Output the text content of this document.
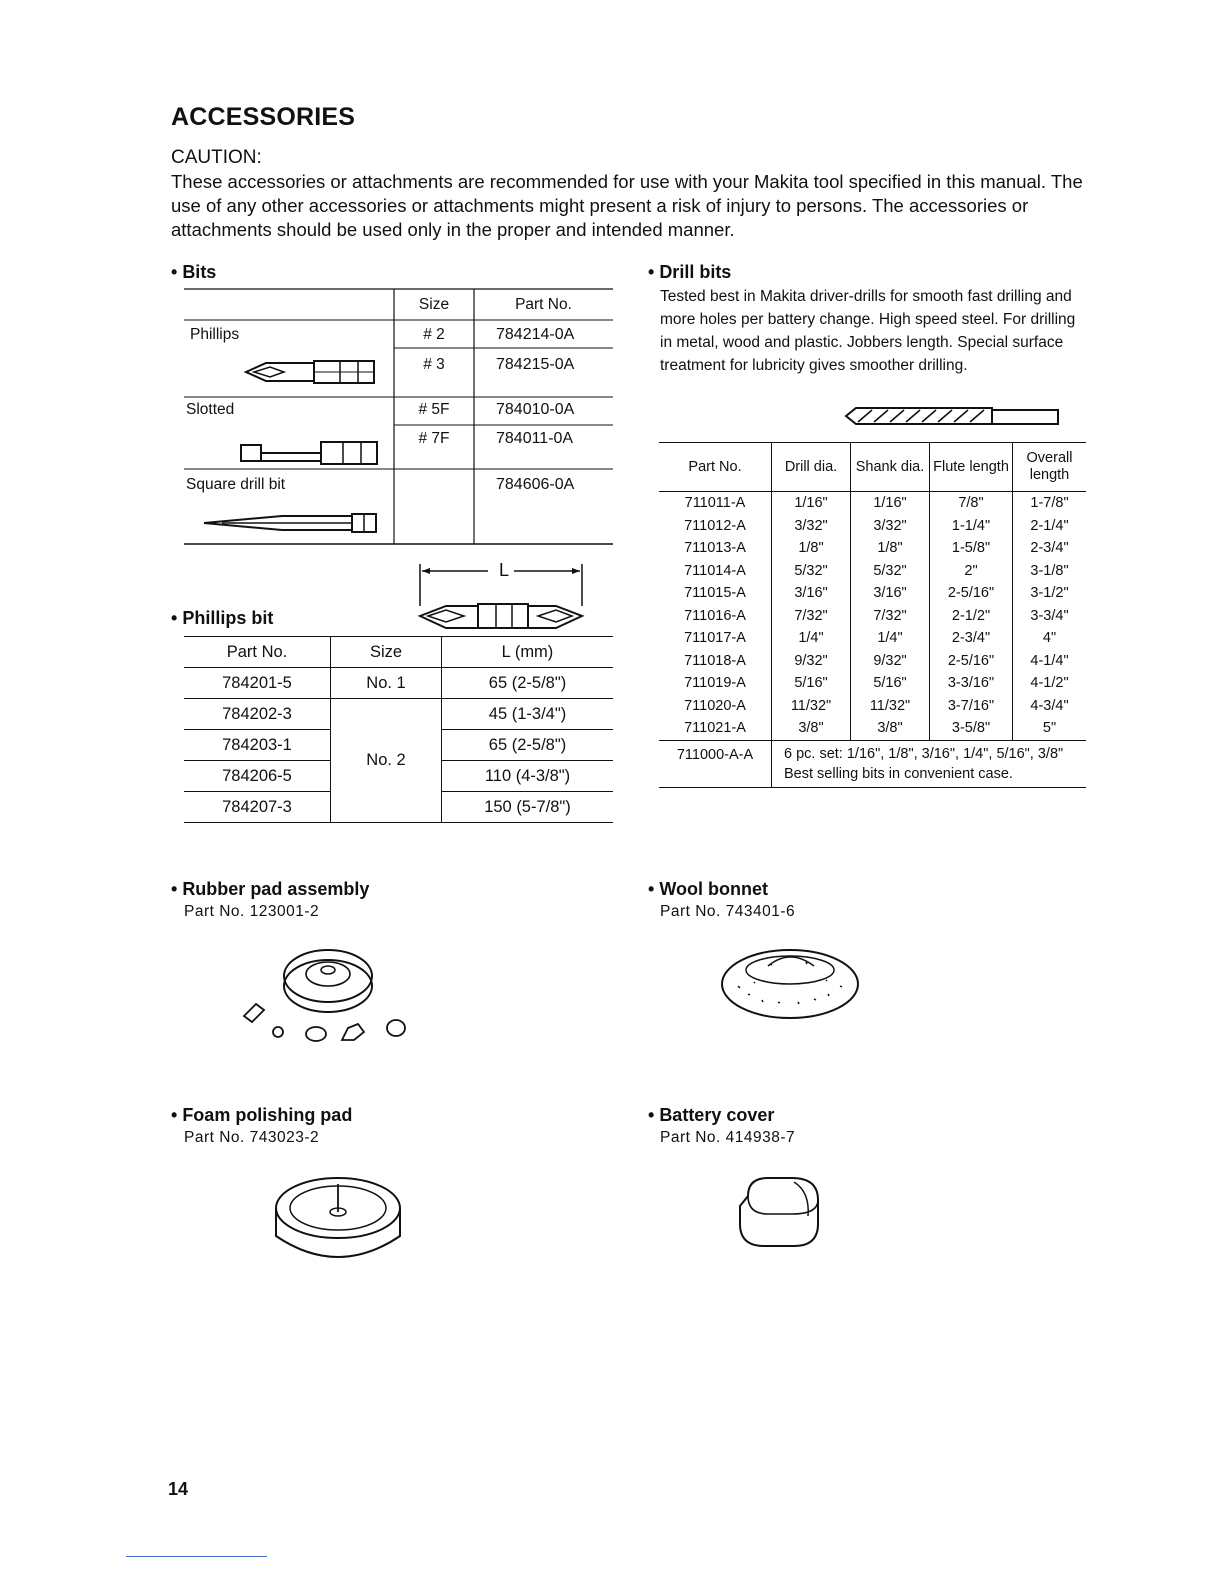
ACCESSORIES
CAUTION:
These accessories or attachments are recommended for use with your Makita tool specified in this manual. The use of any other accessories or attachments might present a risk of injury to persons. The accessories or attachments should be used only in the proper and intended manner.
• Bits
Size	Part No.
Phillips	# 2	784214-0A
# 3	784215-0A
Slotted	# 5F	784010-0A
# 7F	784011-0A
Square drill bit	784606-0A
• Phillips bit
L
Part No.	Size	L (mm)
784201-5	No. 1	65 (2-5/8")
784202-3	No. 2	45 (1-3/4")
784203-1		65 (2-5/8")
784206-5		110 (4-3/8")
784207-3		150 (5-7/8")
• Drill bits
Tested best in Makita driver-drills for smooth fast drilling and more holes per battery change. High speed steel. For drilling in metal, wood and plastic. Jobbers length. Special surface treatment for lubricity gives smoother drilling.
Part No.	Drill dia.	Shank dia.	Flute length	Overall length
711011-A	1/16"	1/16"	7/8"	1-7/8"
711012-A	3/32"	3/32"	1-1/4"	2-1/4"
711013-A	1/8"	1/8"	1-5/8"	2-3/4"
711014-A	5/32"	5/32"	2"	3-1/8"
711015-A	3/16"	3/16"	2-5/16"	3-1/2"
711016-A	7/32"	7/32"	2-1/2"	3-3/4"
711017-A	1/4"	1/4"	2-3/4"	4"
711018-A	9/32"	9/32"	2-5/16"	4-1/4"
711019-A	5/16"	5/16"	3-3/16"	4-1/2"
711020-A	11/32"	11/32"	3-7/16"	4-3/4"
711021-A	3/8"	3/8"	3-5/8"	5"
711000-A-A	6 pc. set: 1/16", 1/8", 3/16", 1/4", 5/16", 3/8" Best selling bits in convenient case.			
• Rubber pad assembly
Part No. 123001-2
• Wool bonnet
Part No. 743401-6
• Foam polishing pad
Part No. 743023-2
• Battery cover
Part No. 414938-7
14
